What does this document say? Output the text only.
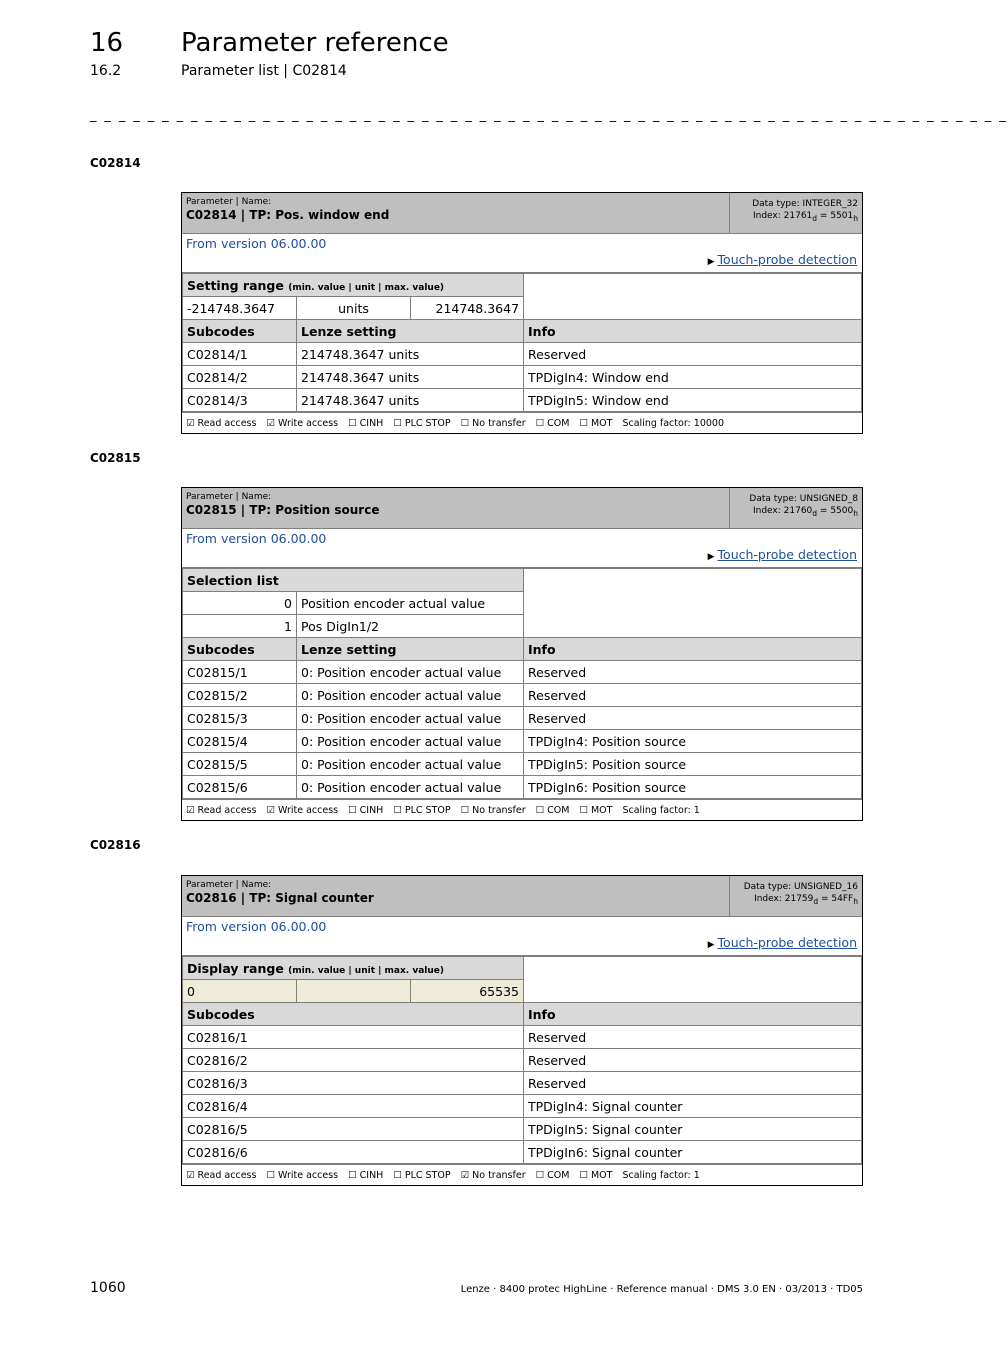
16 Parameter reference
16.2	Parameter list | C02814
_ _ _ _ _ _ _ _ _ _ _ _ _ _ _ _ _ _ _ _ _ _ _ _ _ _ _ _ _ _ _ _ _ _ _ _ _ _ _ _ _ _ _ _ _ _ _ _ _ _ _ _ _ _ _ _ _ _ _ _ _ _ _ _
C02814
Parameter | Name:
C02814 | TP: Pos. window end
Data type: INTEGER_32
Index: $21761_d = 5501_h$
From version 06.00.00
▶ Touch-probe detection
Setting range (min. value | unit | max. value)			
-214748.3647	units	214748.3647	
Subcodes	Lenze setting		Info
C02814/1	214748.3647 units		Reserved
C02814/2	214748.3647 units		TPDigIn4: Window end
C02814/3	214748.3647 units		TPDigIn5: Window end
☑ Read access ☑ Write access ☐ CINH ☐ PLC STOP ☐ No transfer ☐ COM ☐ MOT Scaling factor: 10000
C02815
Parameter | Name:
C02815 | TP: Position source
Data type: UNSIGNED_8
Index: $21760_d = 5500_h$
From version 06.00.00
▶ Touch-probe detection
Selection list		
0	Position encoder actual value	
1	Pos DigIn1/2	
Subcodes	Lenze setting	Info
C02815/1	0: Position encoder actual value	Reserved
C02815/2	0: Position encoder actual value	Reserved
C02815/3	0: Position encoder actual value	Reserved
C02815/4	0: Position encoder actual value	TPDigIn4: Position source
C02815/5	0: Position encoder actual value	TPDigIn5: Position source
C02815/6	0: Position encoder actual value	TPDigIn6: Position source
☑ Read access ☑ Write access ☐ CINH ☐ PLC STOP ☐ No transfer ☐ COM ☐ MOT Scaling factor: 1
C02816
Parameter | Name:
C02816 | TP: Signal counter
Data type: UNSIGNED_16
Index: $21759_d = 54FF_h$
From version 06.00.00
▶ Touch-probe detection
Display range (min. value | unit | max. value)			
0		65535	
Subcodes			Info
C02816/1			Reserved
C02816/2			Reserved
C02816/3			Reserved
C02816/4			TPDigIn4: Signal counter
C02816/5			TPDigIn5: Signal counter
C02816/6			TPDigIn6: Signal counter
☑ Read access ☐ Write access ☐ CINH ☐ PLC STOP ☑ No transfer ☐ COM ☐ MOT Scaling factor: 1
1060	Lenze · 8400 protec HighLine · Reference manual · DMS 3.0 EN · 03/2013 · TD05
